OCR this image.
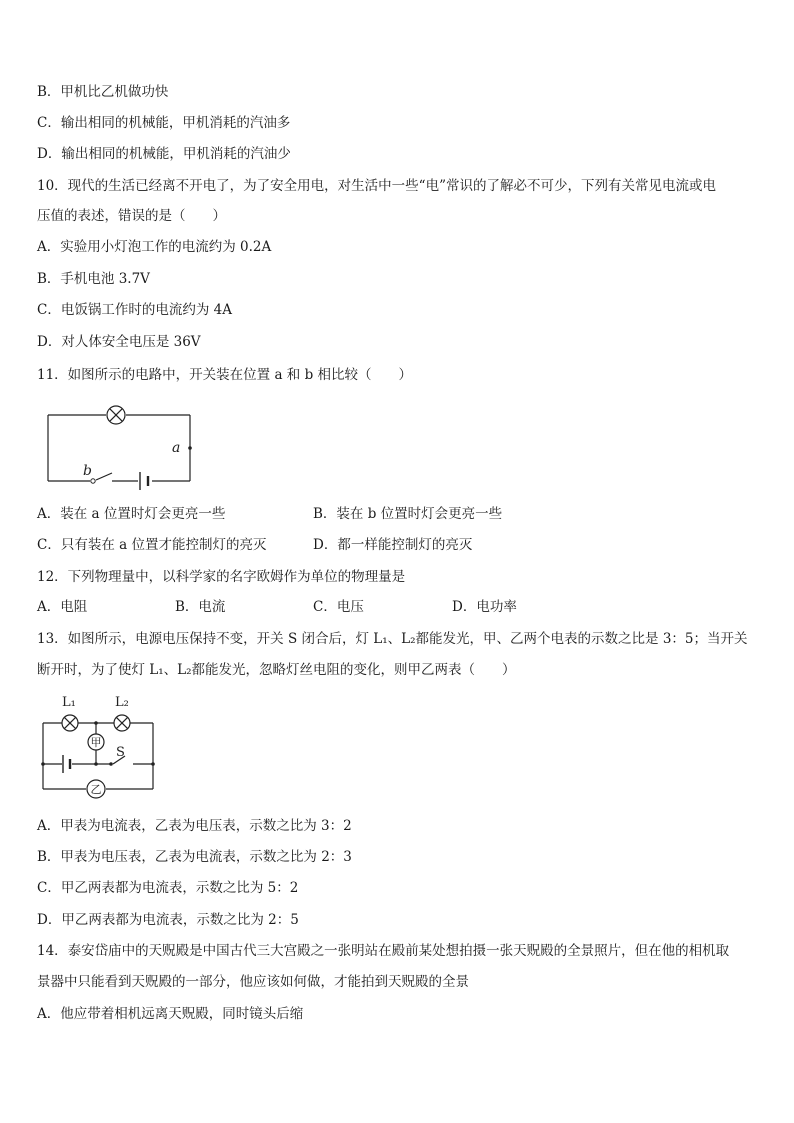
B．甲机比乙机做功快
C．输出相同的机械能，甲机消耗的汽油多
D．输出相同的机械能，甲机消耗的汽油少
10．现代的生活已经离不开电了，为了安全用电，对生活中一些“电”常识的了解必不可少，下列有关常见电流或电
压值的表述，错误的是（　　）
A．实验用小灯泡工作的电流约为 0.2A
B．手机电池 3.7V
C．电饭锅工作时的电流约为 4A
D．对人体安全电压是 36V
11．如图所示的电路中，开关装在位置 a 和 b 相比较（　　）
a
b
A．装在 a 位置时灯会更亮一些	B．装在 b 位置时灯会更亮一些
C．只有装在 a 位置才能控制灯的亮灭	D．都一样能控制灯的亮灭
12．下列物理量中，以科学家的名字欧姆作为单位的物理量是
A．电阻	B．电流	C．电压	D．电功率
13．如图所示，电源电压保持不变，开关 S 闭合后，灯 L₁、L₂都能发光，甲、乙两个电表的示数之比是 3：5；当开关
断开时，为了使灯 L₁、L₂都能发光，忽略灯丝电阻的变化，则甲乙两表（　　）
甲
乙
L₁	L₂
S
A．甲表为电流表，乙表为电压表，示数之比为 3：2
B．甲表为电压表，乙表为电流表，示数之比为 2：3
C．甲乙两表都为电流表，示数之比为 5：2
D．甲乙两表都为电流表，示数之比为 2：5
14．泰安岱庙中的天贶殿是中国古代三大宫殿之一张明站在殿前某处想拍摄一张天贶殿的全景照片，但在他的相机取
景器中只能看到天贶殿的一部分，他应该如何做，才能拍到天贶殿的全景
A．他应带着相机远离天贶殿，同时镜头后缩
